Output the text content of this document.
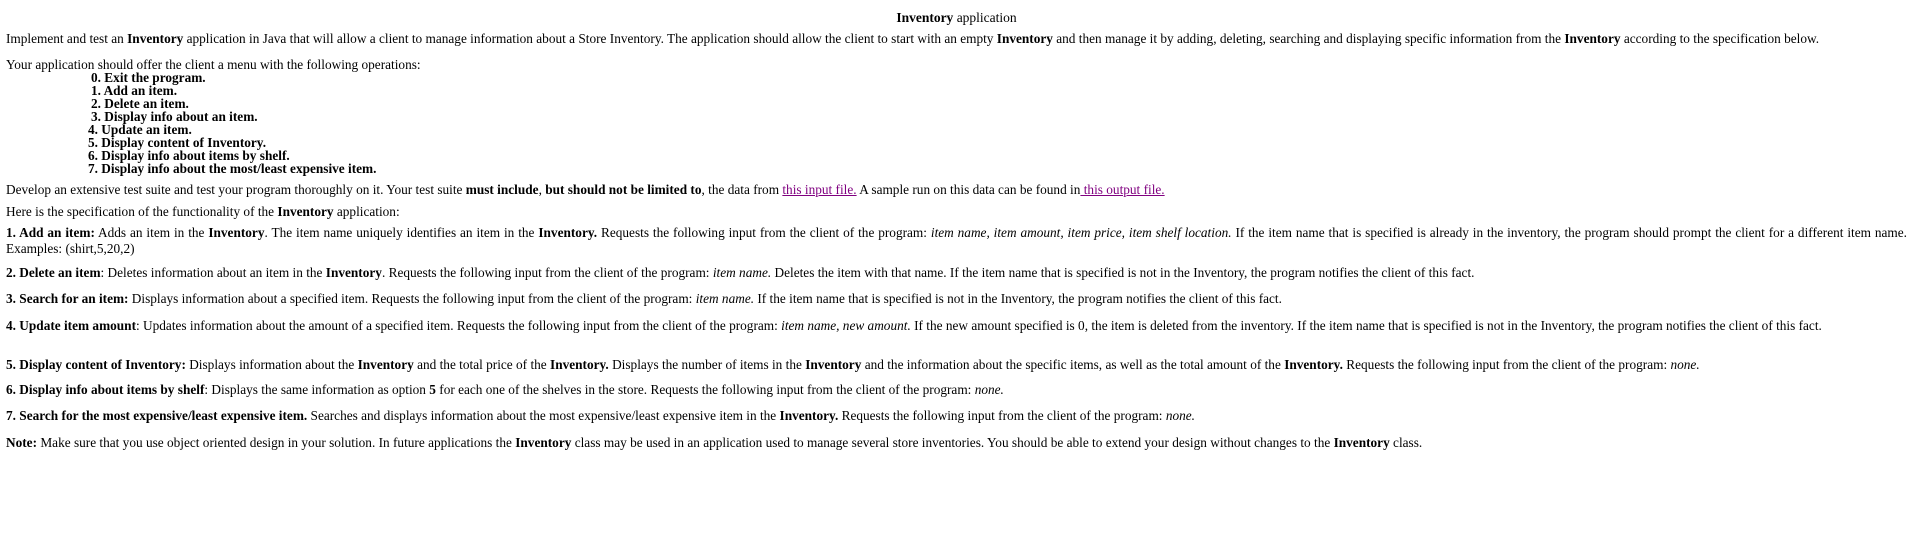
Inventory application
Implement and test an Inventory application in Java that will allow a client to manage information about a Store Inventory. The application should allow the client to start with an empty Inventory and then manage it by adding, deleting, searching and displaying specific information from the Inventory according to the specification below.
Your application should offer the client a menu with the following operations:
0. Exit the program.
1. Add an item.
2. Delete an item.
3. Display info about an item.
4. Update an item.
5. Display content of Inventory.
6. Display info about items by shelf.
7. Display info about the most/least expensive item.
Develop an extensive test suite and test your program thoroughly on it. Your test suite must include, but should not be limited to, the data from this input file. A sample run on this data can be found in this output file.
Here is the specification of the functionality of the Inventory application:
1. Add an item: Adds an item in the Inventory. The item name uniquely identifies an item in the Inventory. Requests the following input from the client of the program: item name, item amount, item price, item shelf location. If the item name that is specified is already in the inventory, the program should prompt the client for a different item name. Examples: (shirt,5,20,2)
2. Delete an item: Deletes information about an item in the Inventory. Requests the following input from the client of the program: item name. Deletes the item with that name. If the item name that is specified is not in the Inventory, the program notifies the client of this fact.
3. Search for an item: Displays information about a specified item. Requests the following input from the client of the program: item name. If the item name that is specified is not in the Inventory, the program notifies the client of this fact.
4. Update item amount: Updates information about the amount of a specified item. Requests the following input from the client of the program: item name, new amount. If the new amount specified is 0, the item is deleted from the inventory. If the item name that is specified is not in the Inventory, the program notifies the client of this fact.
5. Display content of Inventory: Displays information about the Inventory and the total price of the Inventory. Displays the number of items in the Inventory and the information about the specific items, as well as the total amount of the Inventory. Requests the following input from the client of the program: none.
6. Display info about items by shelf: Displays the same information as option 5 for each one of the shelves in the store. Requests the following input from the client of the program: none.
7. Search for the most expensive/least expensive item. Searches and displays information about the most expensive/least expensive item in the Inventory. Requests the following input from the client of the program: none.
Note: Make sure that you use object oriented design in your solution. In future applications the Inventory class may be used in an application used to manage several store inventories. You should be able to extend your design without changes to the Inventory class.
